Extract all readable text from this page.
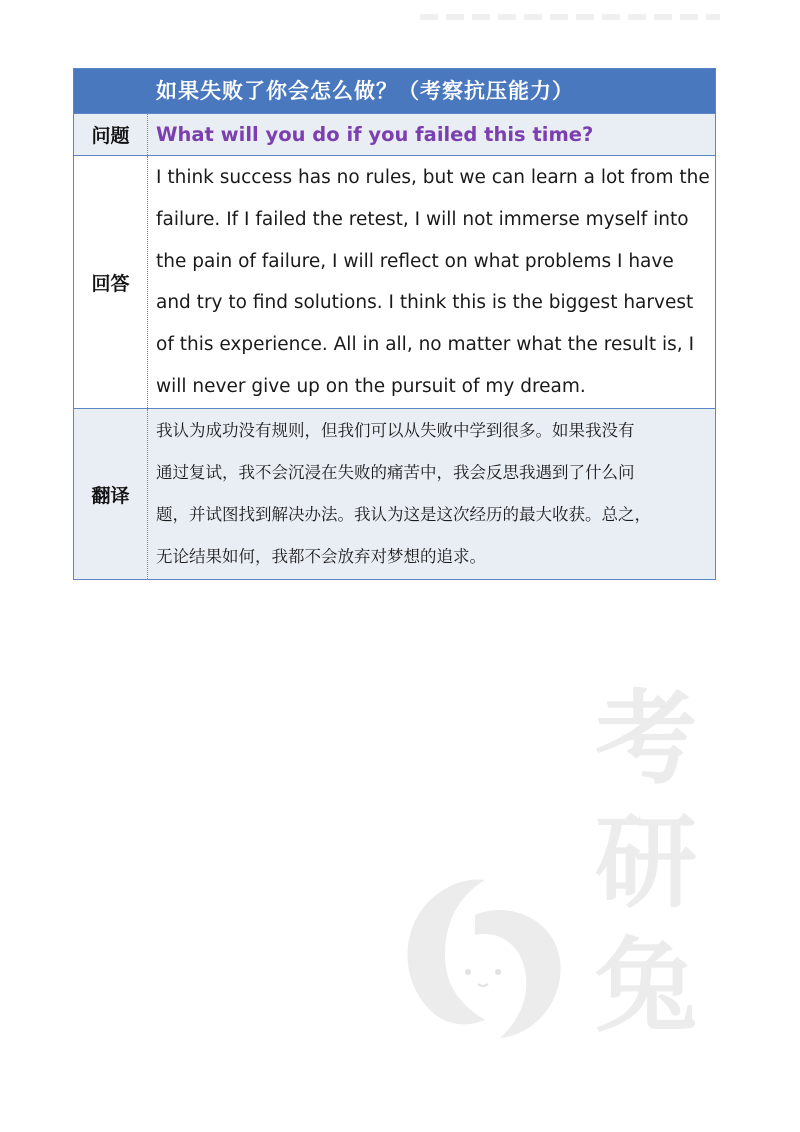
如果失败了你会怎么做？（考察抗压能力）
问题	What will you do if you failed this time?
回答
I think success has no rules, but we can learn a lot from the
failure. If I failed the retest, I will not immerse myself into
the pain of failure, I will reflect on what problems I have
and try to find solutions. I think this is the biggest harvest
of this experience. All in all, no matter what the result is, I
will never give up on the pursuit of my dream.
翻译
我认为成功没有规则，但我们可以从失败中学到很多。如果我没有
通过复试，我不会沉浸在失败的痛苦中，我会反思我遇到了什么问
题，并试图找到解决办法。我认为这是这次经历的最大收获。总之，
无论结果如何，我都不会放弃对梦想的追求。
考
研
兔
